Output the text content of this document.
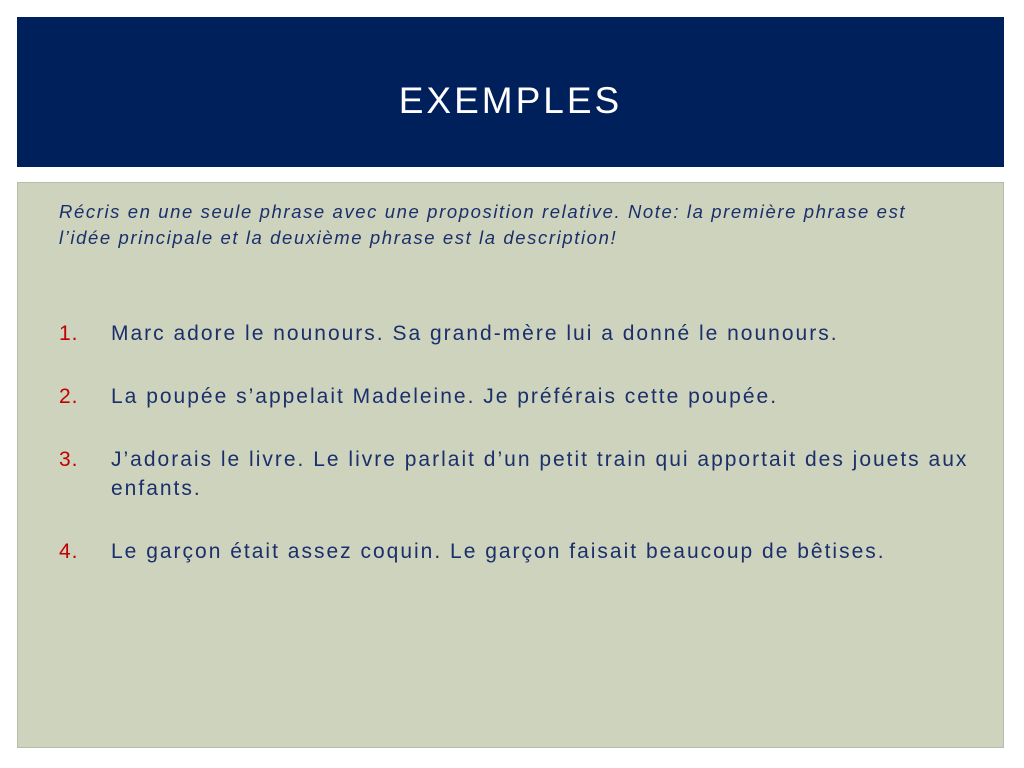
EXEMPLES

Récris en une seule phrase avec une proposition relative. Note: la première phrase est l’idée principale et la deuxième phrase est la description!

1.	Marc adore le nounours. Sa grand-mère lui a donné le nounours.
2.	La poupée s’appelait Madeleine. Je préférais cette poupée.
3.	J’adorais le livre. Le livre parlait d’un petit train qui apportait des jouets aux enfants.
4.	Le garçon était assez coquin. Le garçon faisait beaucoup de bêtises.
